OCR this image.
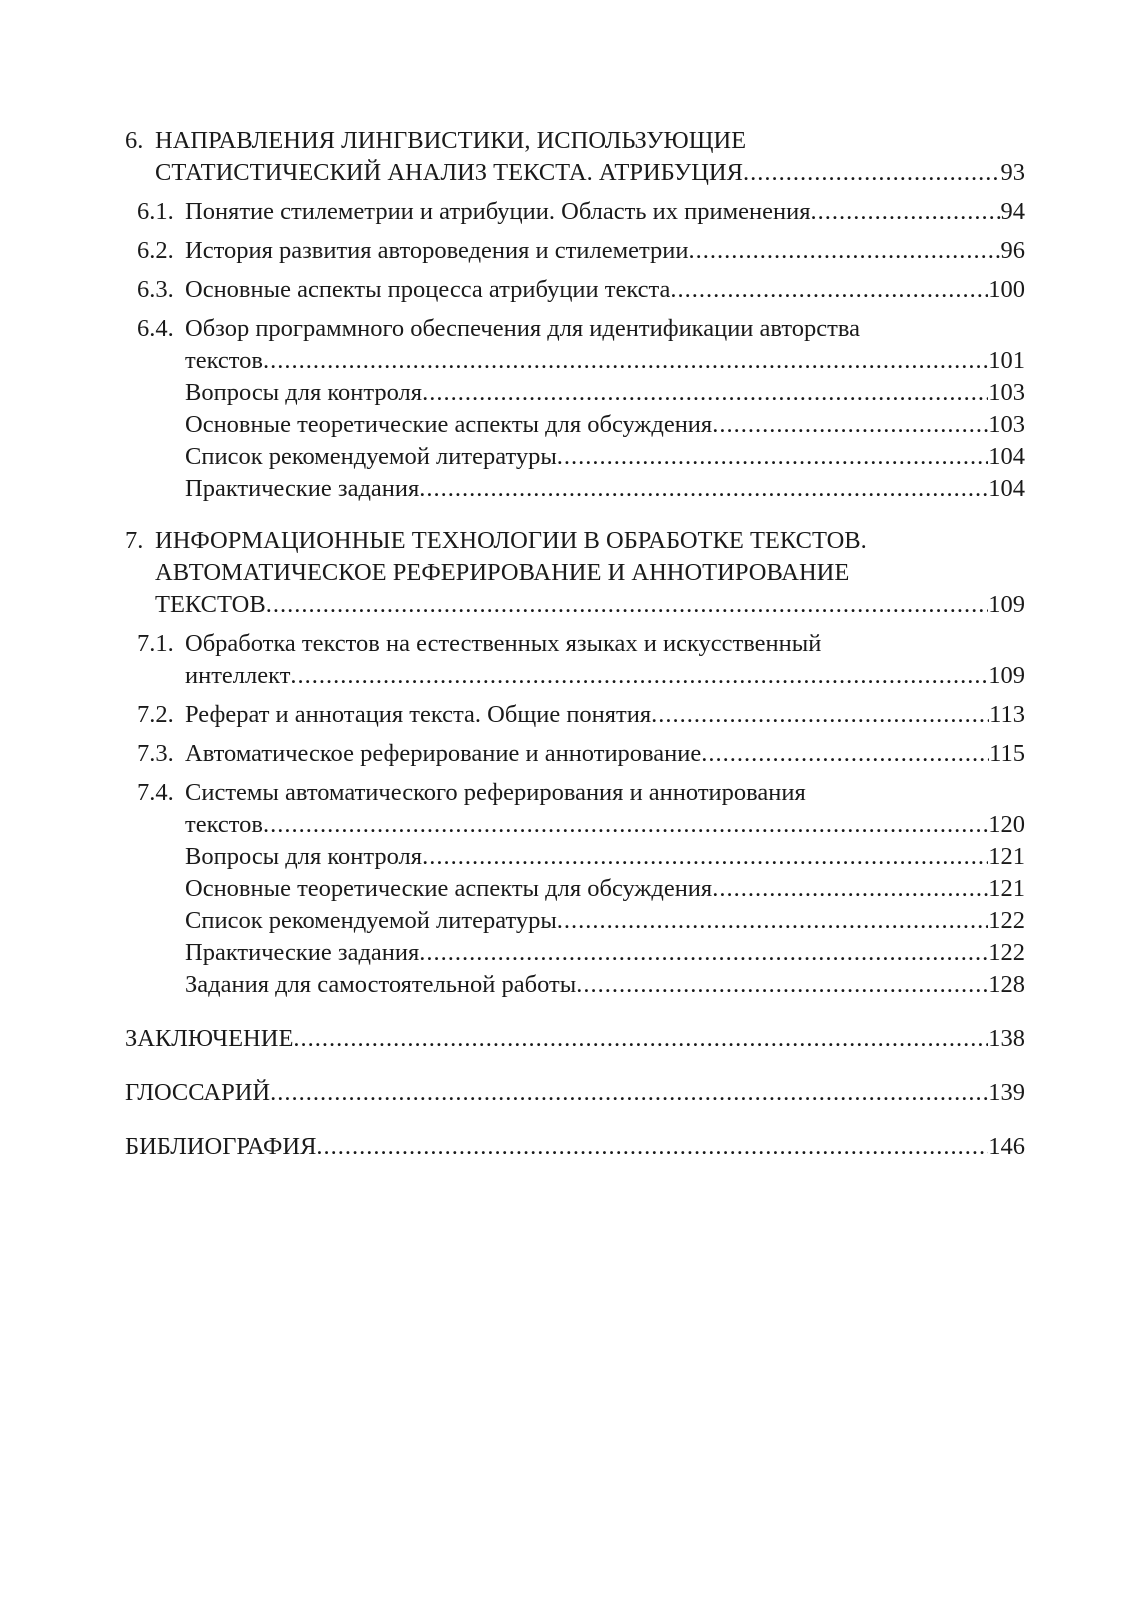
6. НАПРАВЛЕНИЯ ЛИНГВИСТИКИ, ИСПОЛЬЗУЮЩИЕ
СТАТИСТИЧЕСКИЙ АНАЛИЗ ТЕКСТА. АТРИБУЦИЯ .....	93
6.1. Понятие стилеметрии и атрибуции. Область их применения .....	94
6.2. История развития автороведения и стилеметрии .....	96
6.3. Основные аспекты процесса атрибуции текста .....	100
6.4. Обзор программного обеспечения для идентификации авторства
текстов .....	101
Вопросы для контроля .....	103
Основные теоретические аспекты для обсуждения .....	103
Список рекомендуемой литературы .....	104
Практические задания .....	104
7. ИНФОРМАЦИОННЫЕ ТЕХНОЛОГИИ В ОБРАБОТКЕ ТЕКСТОВ.
АВТОМАТИЧЕСКОЕ РЕФЕРИРОВАНИЕ И АННОТИРОВАНИЕ
ТЕКСТОВ .....	109
7.1. Обработка текстов на естественных языках и искусственный
интеллект .....	109
7.2. Реферат и аннотация текста. Общие понятия .....	113
7.3. Автоматическое реферирование и аннотирование .....	115
7.4. Системы автоматического реферирования и аннотирования
текстов .....	120
Вопросы для контроля .....	121
Основные теоретические аспекты для обсуждения .....	121
Список рекомендуемой литературы .....	122
Практические задания .....	122
Задания для самостоятельной работы .....	128
ЗАКЛЮЧЕНИЕ .....	138
ГЛОССАРИЙ .....	139
БИБЛИОГРАФИЯ .....	146
